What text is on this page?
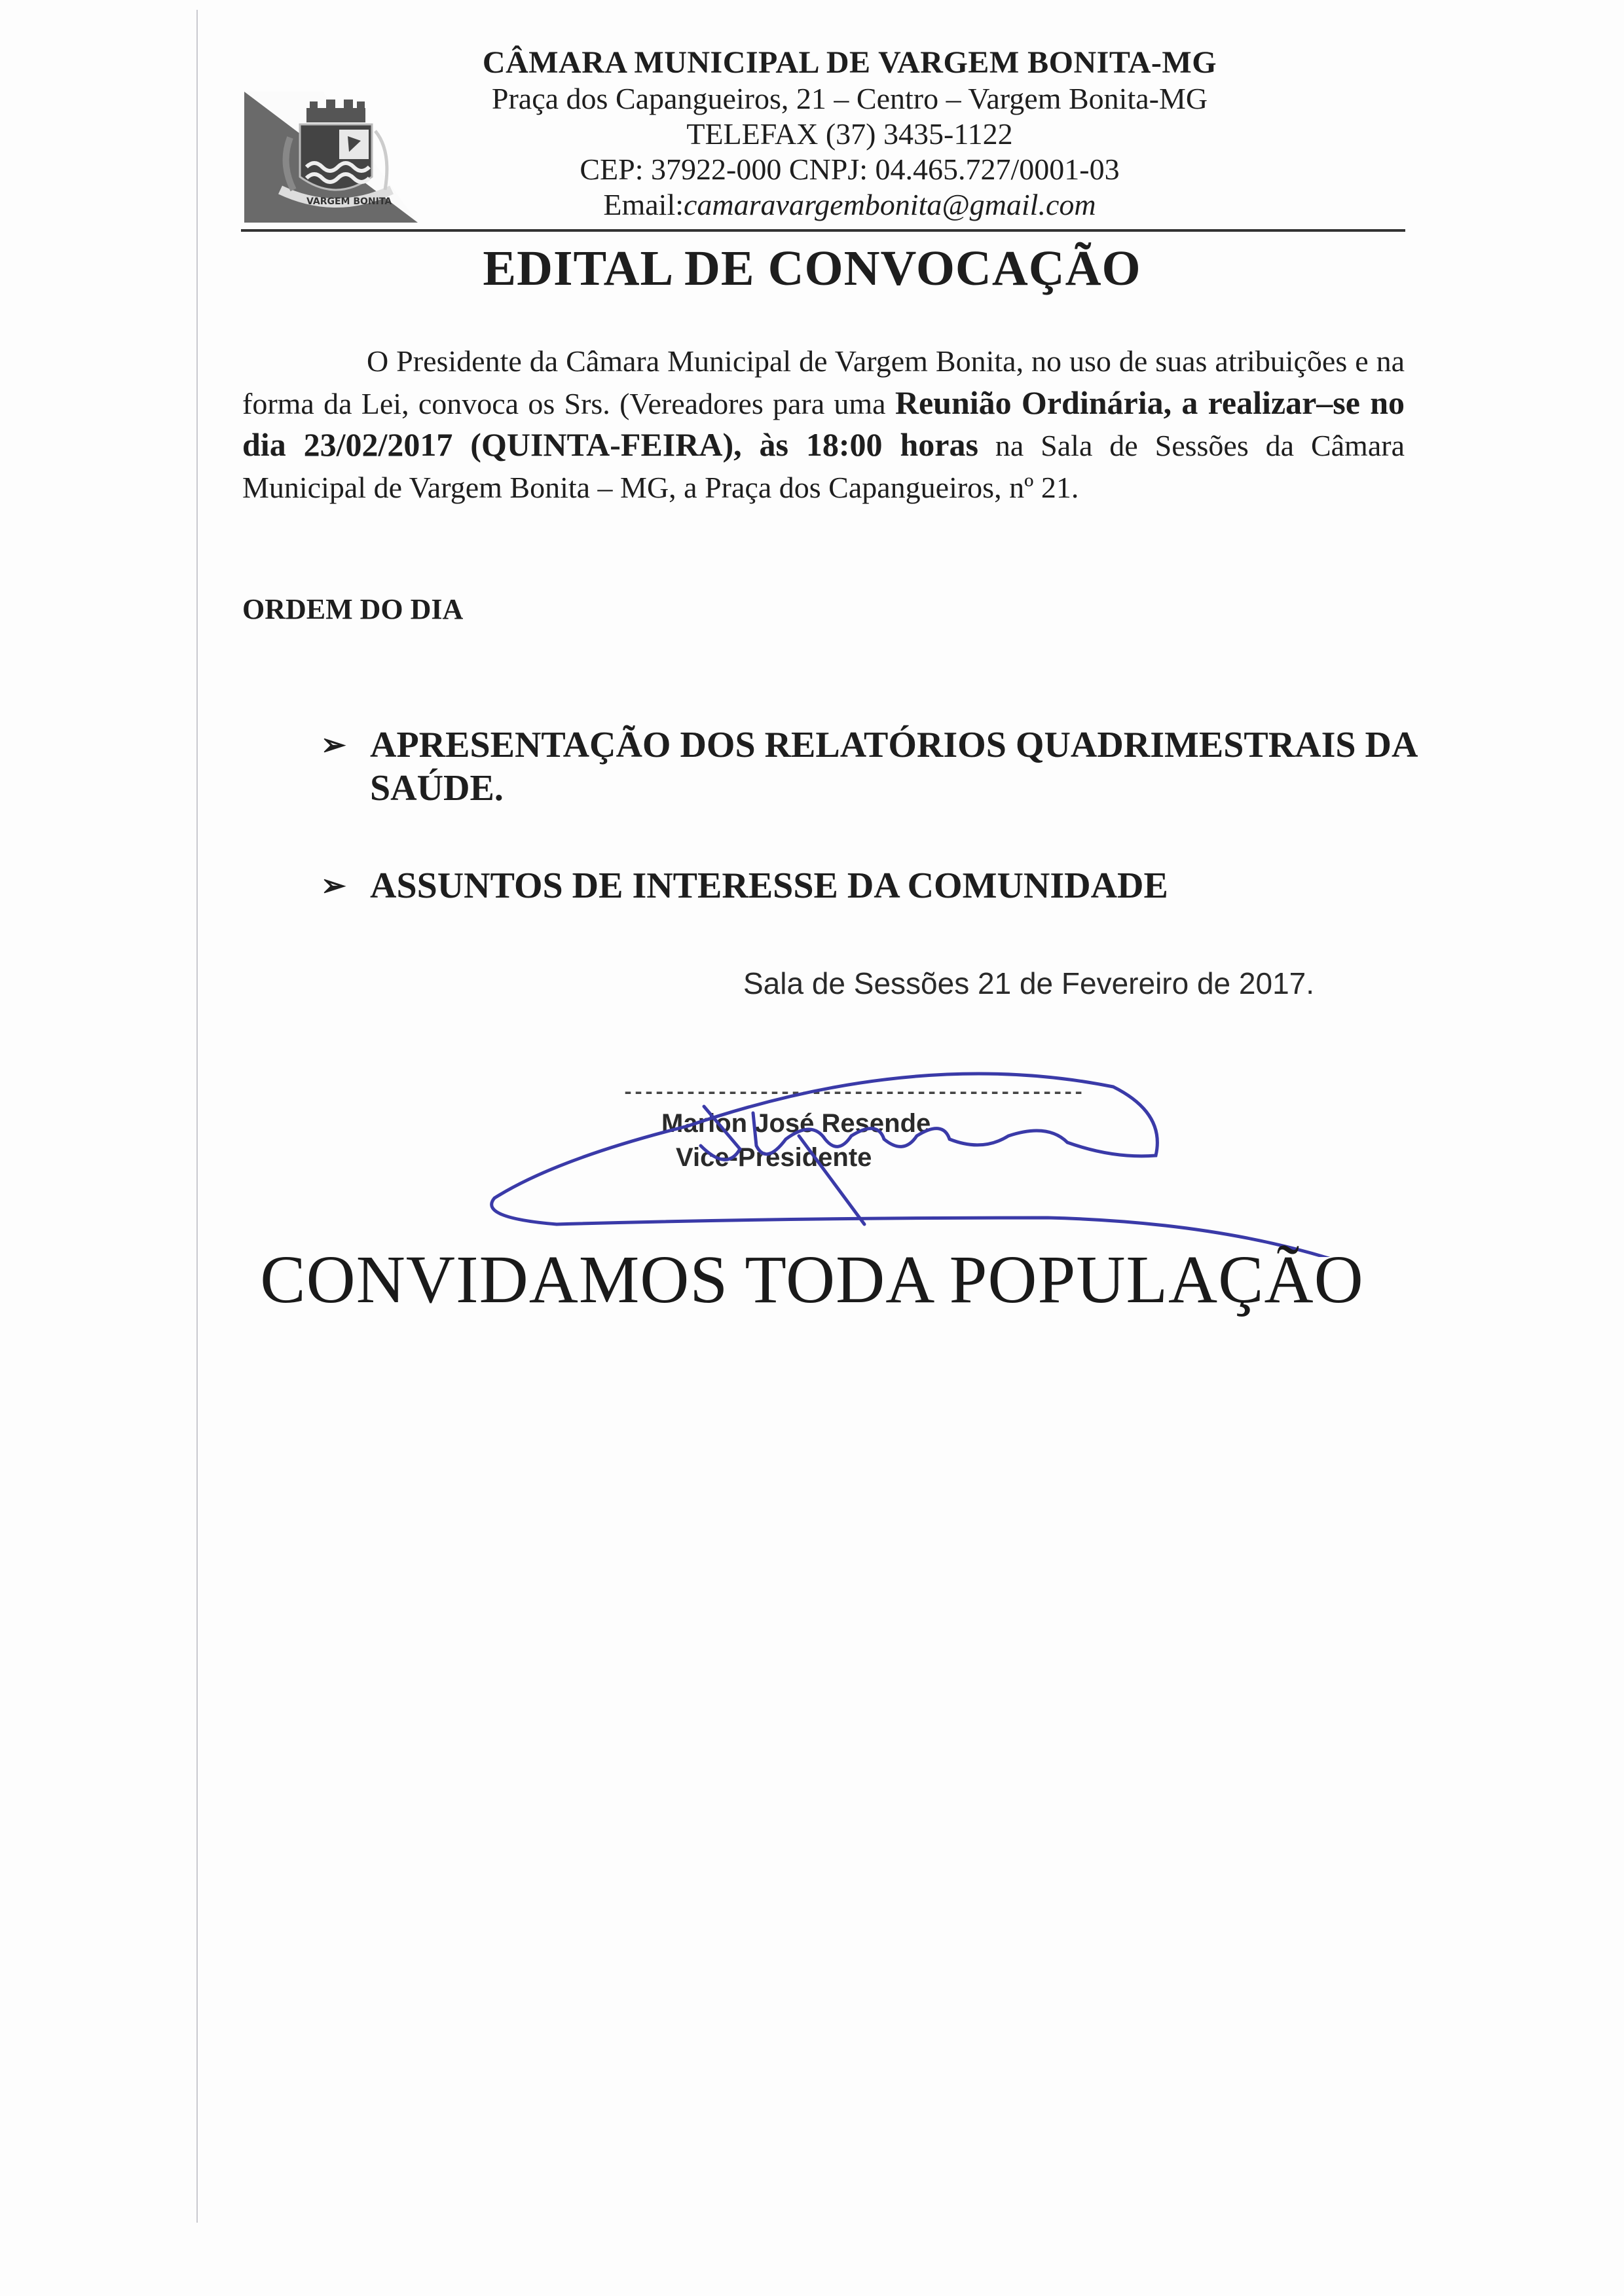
VARGEM BONITA
CÂMARA MUNICIPAL DE VARGEM BONITA-MG
Praça dos Capangueiros, 21 – Centro – Vargem Bonita-MG
TELEFAX (37) 3435-1122
CEP: 37922-000 CNPJ: 04.465.727/0001-03
Email:camaravargembonita@gmail.com
EDITAL DE CONVOCAÇÃO
O Presidente da Câmara Municipal de Vargem Bonita, no uso de suas atribuições e na forma da Lei, convoca os Srs. (Vereadores para uma Reunião Ordinária, a realizar–se no dia 23/02/2017 (QUINTA-FEIRA), às 18:00 horas na Sala de Sessões da Câmara Municipal de Vargem Bonita – MG, a Praça dos Capangueiros, nº 21.
ORDEM DO DIA
➢ APRESENTAÇÃO DOS RELATÓRIOS QUADRIMESTRAIS DA SAÚDE.
➢ ASSUNTOS DE INTERESSE DA COMUNIDADE
Sala de Sessões 21 de Fevereiro de 2017.
--------------------------------------------
Marlon José Resende
Vice-Presidente
CONVIDAMOS TODA POPULAÇÃO
